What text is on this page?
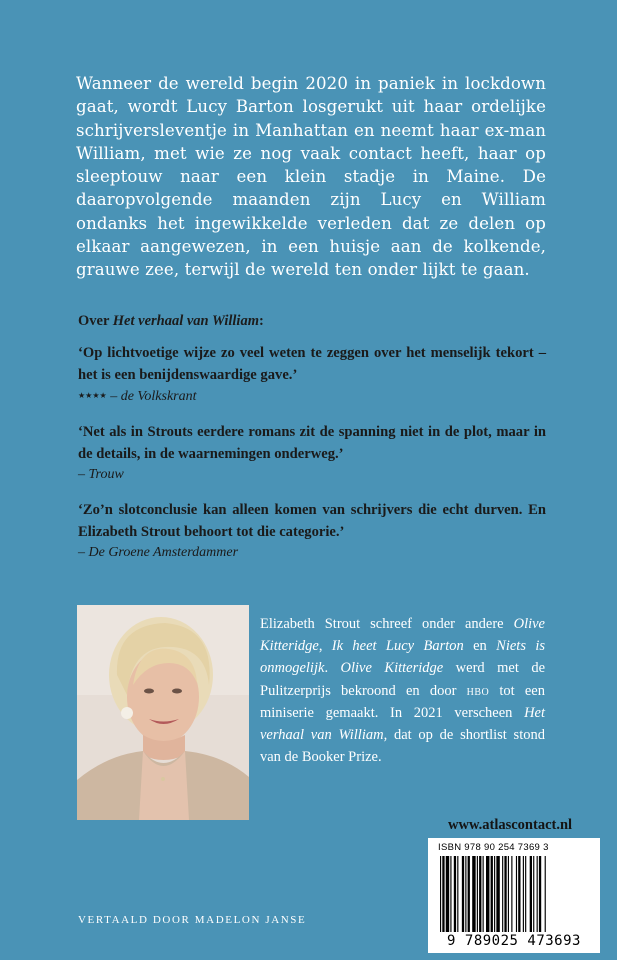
Wanneer de wereld begin 2020 in paniek in lockdown gaat, wordt Lucy Barton losgerukt uit haar ordelijke schrijversleventje in Manhattan en neemt haar ex-man William, met wie ze nog vaak contact heeft, haar op sleeptouw naar een klein stadje in Maine. De daaropvolgende maanden zijn Lucy en William ondanks het ingewikkelde verleden dat ze delen op elkaar aangewezen, in een huisje aan de kolkende, grauwe zee, terwijl de wereld ten onder lijkt te gaan.
Over Het verhaal van William:
‘Op lichtvoetige wijze zo veel weten te zeggen over het menselijk tekort – het is een benijdenswaardige gave.’
★★★★ – de Volkskrant
‘Net als in Strouts eerdere romans zit de spanning niet in de plot, maar in de details, in de waarnemingen onderweg.’
– Trouw
‘Zo’n slotconclusie kan alleen komen van schrijvers die echt durven. En Elizabeth Strout behoort tot die categorie.’
– De Groene Amsterdammer
Elizabeth Strout schreef onder andere Olive Kitteridge, Ik heet Lucy Barton en Niets is onmogelijk. Olive Kitteridge werd met de Pulitzerprijs bekroond en door hbo tot een miniserie gemaakt. In 2021 verscheen Het verhaal van William, dat op de shortlist stond van de Booker Prize.
www.atlascontact.nl
ISBN 978 90 254 7369 3
9 789025 473693
VERTAALD DOOR MADELON JANSE
